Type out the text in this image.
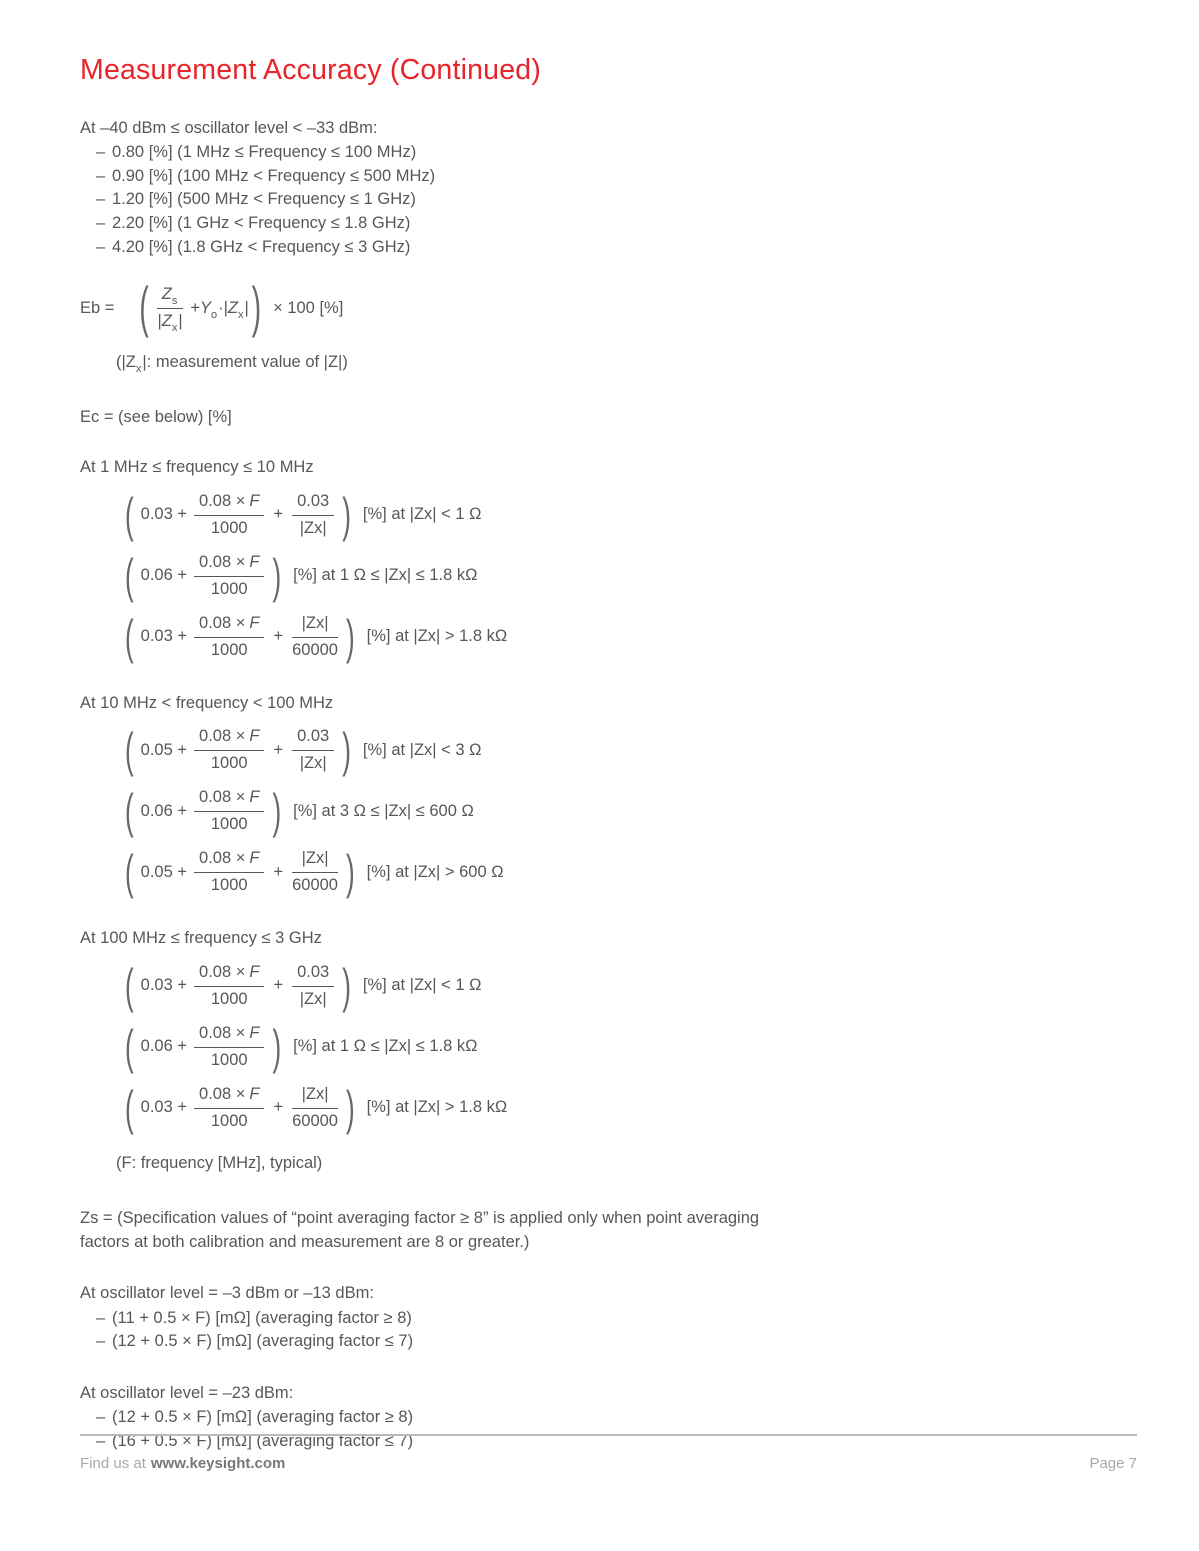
Measurement Accuracy (Continued)

At –40 dBm ≤ oscillator level < –33 dBm:

– 0.80 [%] (1 MHz ≤ Frequency ≤ 100 MHz)
– 0.90 [%] (100 MHz < Frequency ≤ 500 MHz)
– 1.20 [%] (500 MHz < Frequency ≤ 1 GHz)
– 2.20 [%] (1 GHz < Frequency ≤ 1.8 GHz)
– 4.20 [%] (1.8 GHz < Frequency ≤ 3 GHz)
Eb = ( $\frac{Z_s}{|Z_x|} +Y_o\cdot|Z_x|$ ) × 100 [%]

($|Z_x|$: measurement value of |Z|)

Ec = (see below) [%]

At 1 MHz ≤ frequency ≤ 10 MHz

( $0.03 + \frac{0.08 \times F}{1000} + \frac{0.03}{|Zx|}$ ) [%] at |Zx| < 1 Ω
( $0.06 + \frac{0.08 \times F}{1000}$ ) [%] at 1 Ω ≤ |Zx| ≤ 1.8 kΩ
( $0.03 + \frac{0.08 \times F}{1000} + \frac{|Zx|}{60000}$ ) [%] at |Zx| > 1.8 kΩ

At 10 MHz < frequency < 100 MHz

( $0.05 + \frac{0.08 \times F}{1000} + \frac{0.03}{|Zx|}$ ) [%] at |Zx| < 3 Ω
( $0.06 + \frac{0.08 \times F}{1000}$ ) [%] at 3 Ω ≤ |Zx| ≤ 600 Ω
( $0.05 + \frac{0.08 \times F}{1000} + \frac{|Zx|}{60000}$ ) [%] at |Zx| > 600 Ω

At 100 MHz ≤ frequency ≤ 3 GHz

( $0.03 + \frac{0.08 \times F}{1000} + \frac{0.03}{|Zx|}$ ) [%] at |Zx| < 1 Ω
( $0.06 + \frac{0.08 \times F}{1000}$ ) [%] at 1 Ω ≤ |Zx| ≤ 1.8 kΩ
( $0.03 + \frac{0.08 \times F}{1000} + \frac{|Zx|}{60000}$ ) [%] at |Zx| > 1.8 kΩ

(F: frequency [MHz], typical)

Zs = (Specification values of “point averaging factor ≥ 8” is applied only when point averaging

factors at both calibration and measurement are 8 or greater.)

At oscillator level = –3 dBm or –13 dBm:

– (11 + 0.5 × F) [mΩ] (averaging factor ≥ 8)
– (12 + 0.5 × F) [mΩ] (averaging factor ≤ 7)

At oscillator level = –23 dBm:

– (12 + 0.5 × F) [mΩ] (averaging factor ≥ 8)
– (16 + 0.5 × F) [mΩ] (averaging factor ≤ 7)
Find us at www.keysight.com	Page 7
